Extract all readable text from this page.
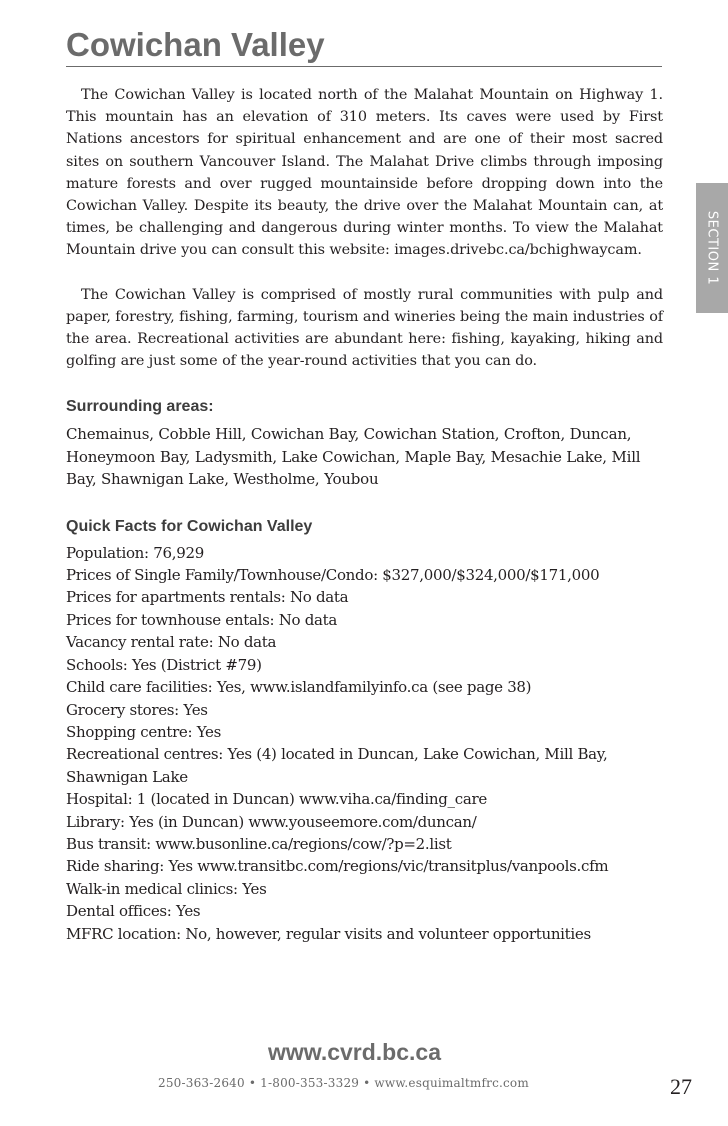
Cowichan Valley
SECTION 1

The Cowichan Valley is located north of the Malahat Mountain on Highway 1. This mountain has an elevation of 310 meters. Its caves were used by First Nations ancestors for spiritual enhancement and are one of their most sacred sites on southern Vancouver Island. The Malahat Drive climbs through imposing mature forests and over rugged mountainside before dropping down into the Cowichan Valley. Despite its beauty, the drive over the Malahat Mountain can, at times, be challenging and dangerous during winter months. To view the Malahat Mountain drive you can consult this website: images.drivebc.ca/bchighwaycam.

The Cowichan Valley is comprised of mostly rural communities with pulp and paper, forestry, fishing, farming, tourism and wineries being the main industries of the area. Recreational activities are abundant here: fishing, kayaking, hiking and golfing are just some of the year-round activities that you can do.

Surrounding areas:

Chemainus, Cobble Hill, Cowichan Bay, Cowichan Station, Crofton, Duncan, Honeymoon Bay, Ladysmith, Lake Cowichan, Maple Bay, Mesachie Lake, Mill Bay, Shawnigan Lake, Westholme, Youbou

Quick Facts for Cowichan Valley
Population: 76,929
Prices of Single Family/Townhouse/Condo: $327,000/$324,000/$171,000
Prices for apartments rentals: No data
Prices for townhouse entals: No data
Vacancy rental rate: No data
Schools: Yes (District #79)
Child care facilities: Yes, www.islandfamilyinfo.ca (see page 38)
Grocery stores: Yes
Shopping centre: Yes
Recreational centres: Yes (4) located in Duncan, Lake Cowichan, Mill Bay, Shawnigan Lake
Hospital: 1 (located in Duncan) www.viha.ca/finding_care
Library: Yes (in Duncan) www.youseemore.com/duncan/
Bus transit: www.busonline.ca/regions/cow/?p=2.list
Ride sharing: Yes www.transitbc.com/regions/vic/transitplus/vanpools.cfm
Walk-in medical clinics: Yes
Dental offices: Yes
MFRC location: No, however, regular visits and volunteer opportunities
www.cvrd.bc.ca
250-363-2640 • 1-800-353-3329 • www.esquimaltmfrc.com	27
